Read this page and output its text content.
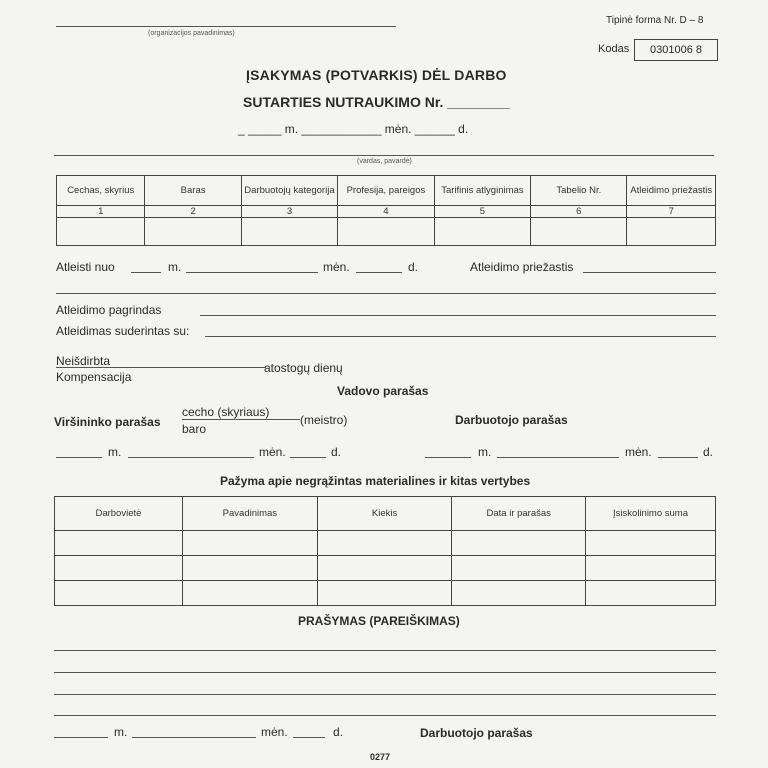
(organizacijos pavadinimas)
Tipinė forma Nr. D – 8
Kodas	0301006 8
ĮSAKYMAS (POTVARKIS) DĖL DARBO
SUTARTIES NUTRAUKIMO Nr. ________
_ _____ m. ____________ mėn. ______ d.
(vardas, pavardė)
Cechas, skyrius	Baras	Darbuotojų kategorija	Profesija, pareigos	Tarifinis atlyginimas	Tabelio Nr.	Atleidimo priežastis
1	2	3	4	5	6	7

Atleisti nuo	m.	mėn.	d.	Atleidimo priežastis
Atleidimo pagrindas
Atleidimas suderintas su:
Neišdirbta
Kompensacija
atostogų dienų
Vadovo parašas
Viršininko parašas
cecho (skyriaus)
(meistro)
baro
Darbuotojo parašas
m.	mėn.	d.	m.	mėn.	d.
Pažyma apie negrąžintas materialines ir kitas vertybes
Darbovietė	Pavadinimas	Kiekis	Data ir parašas	Įsiskolinimo suma

PRAŠYMAS (PAREIŠKIMAS)
m.	mėn.	d.	Darbuotojo parašas
0277
